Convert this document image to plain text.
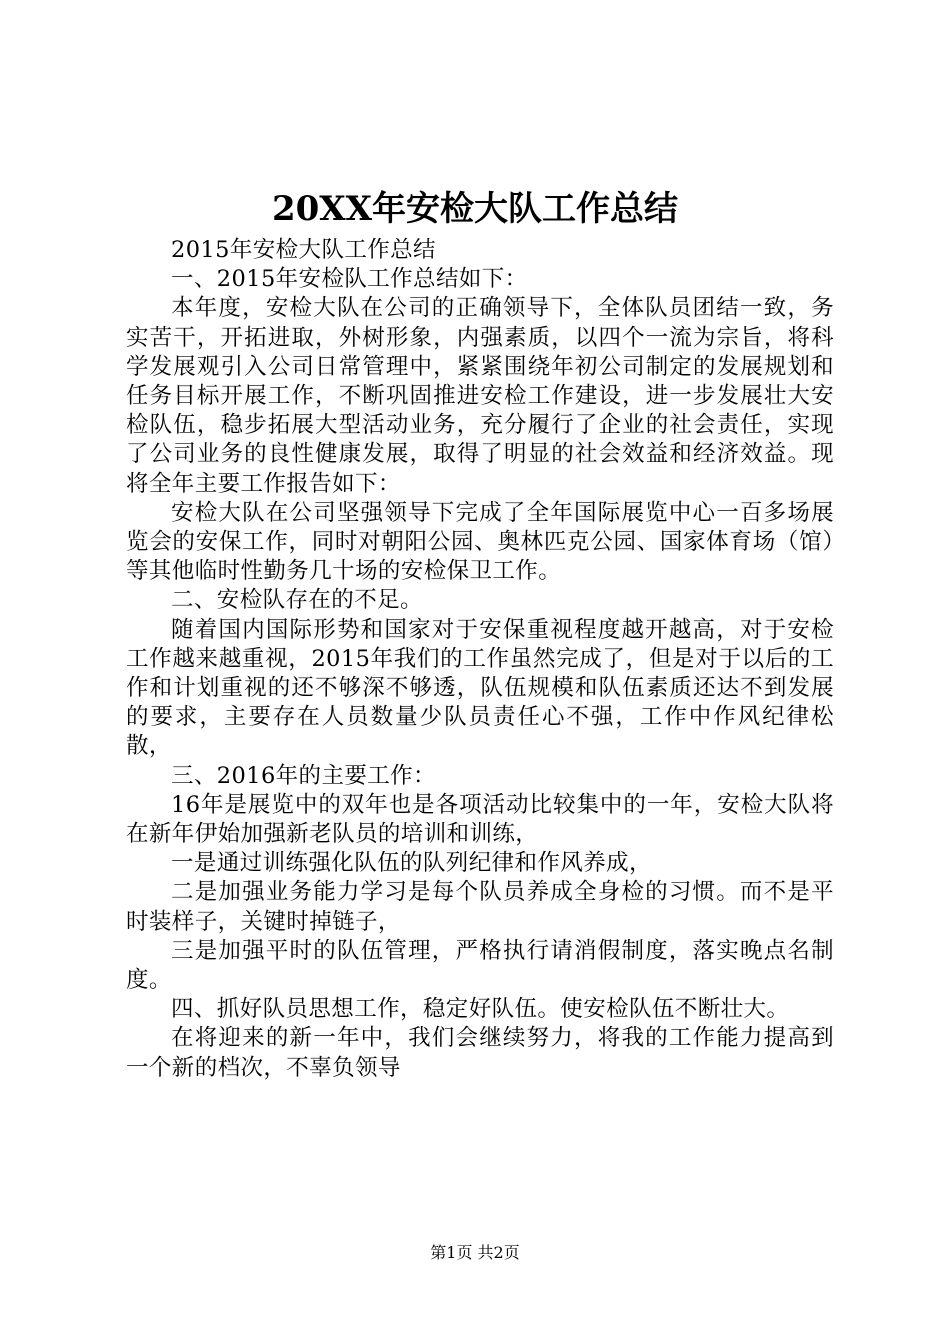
20XX年安检大队工作总结

2015年安检大队工作总结

一、2015年安检队工作总结如下：

本年度，安检大队在公司的正确领导下，全体队员团结一致，务实苦干，开拓进取，外树形象，内强素质，以四个一流为宗旨，将科学发展观引入公司日常管理中，紧紧围绕年初公司制定的发展规划和任务目标开展工作，不断巩固推进安检工作建设，进一步发展壮大安检队伍，稳步拓展大型活动业务，充分履行了企业的社会责任，实现了公司业务的良性健康发展，取得了明显的社会效益和经济效益。现将全年主要工作报告如下：

安检大队在公司坚强领导下完成了全年国际展览中心一百多场展览会的安保工作，同时对朝阳公园、奥林匹克公园、国家体育场（馆）等其他临时性勤务几十场的安检保卫工作。

二、安检队存在的不足。

随着国内国际形势和国家对于安保重视程度越开越高，对于安检工作越来越重视，2015年我们的工作虽然完成了，但是对于以后的工作和计划重视的还不够深不够透，队伍规模和队伍素质还达不到发展的要求，主要存在人员数量少队员责任心不强，工作中作风纪律松散，

三、2016年的主要工作：

16年是展览中的双年也是各项活动比较集中的一年，安检大队将在新年伊始加强新老队员的培训和训练，

一是通过训练强化队伍的队列纪律和作风养成，

二是加强业务能力学习是每个队员养成全身检的习惯。而不是平时装样子，关键时掉链子，

三是加强平时的队伍管理，严格执行请消假制度，落实晚点名制度。

四、抓好队员思想工作，稳定好队伍。使安检队伍不断壮大。

在将迎来的新一年中，我们会继续努力，将我的工作能力提高到一个新的档次，不辜负领导

第1页 共2页
